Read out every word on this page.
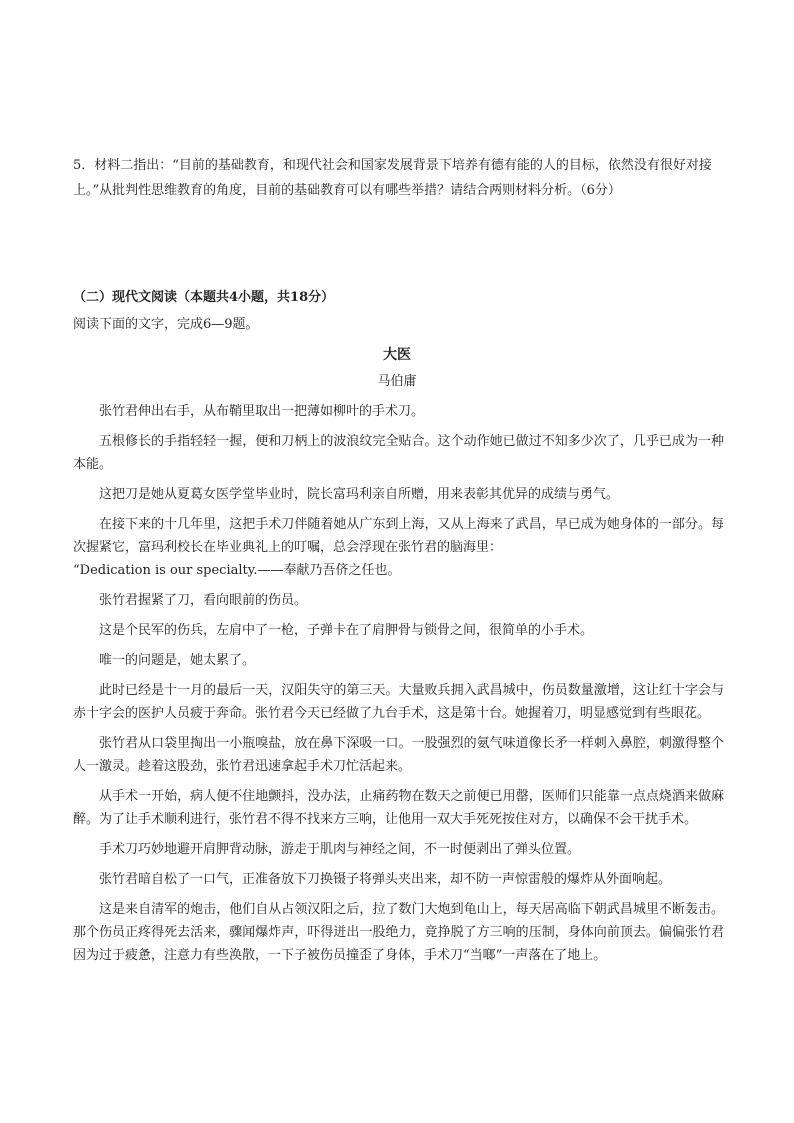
5．材料二指出：“目前的基础教育，和现代社会和国家发展背景下培养有德有能的人的目标，依然没有很好对接上。”从批判性思维教育的角度，目前的基础教育可以有哪些举措？请结合两则材料分析。（6分）

（二）现代文阅读（本题共4小题，共18分）

阅读下面的文字，完成6—9题。

大医

马伯庸

张竹君伸出右手，从布鞘里取出一把薄如柳叶的手术刀。

五根修长的手指轻轻一握，便和刀柄上的波浪纹完全贴合。这个动作她已做过不知多少次了，几乎已成为一种本能。

这把刀是她从夏葛女医学堂毕业时，院长富玛利亲自所赠，用来表彰其优异的成绩与勇气。

在接下来的十几年里，这把手术刀伴随着她从广东到上海，又从上海来了武昌，早已成为她身体的一部分。每次握紧它，富玛利校长在毕业典礼上的叮嘱，总会浮现在张竹君的脑海里：

“Dedication is our specialty.——奉献乃吾侪之任也。

张竹君握紧了刀，看向眼前的伤员。

这是个民军的伤兵，左肩中了一枪，子弹卡在了肩胛骨与锁骨之间，很简单的小手术。

唯一的问题是，她太累了。

此时已经是十一月的最后一天，汉阳失守的第三天。大量败兵拥入武昌城中，伤员数量激增，这让红十字会与赤十字会的医护人员疲于奔命。张竹君今天已经做了九台手术，这是第十台。她握着刀，明显感觉到有些眼花。

张竹君从口袋里掏出一小瓶嗅盐，放在鼻下深吸一口。一股强烈的氨气味道像长矛一样刺入鼻腔，刺激得整个人一激灵。趁着这股劲，张竹君迅速拿起手术刀忙活起来。

从手术一开始，病人便不住地颤抖，没办法，止痛药物在数天之前便已用罄，医师们只能靠一点点烧酒来做麻醉。为了让手术顺利进行，张竹君不得不找来方三响，让他用一双大手死死按住对方，以确保不会干扰手术。

手术刀巧妙地避开肩胛背动脉，游走于肌肉与神经之间，不一时便剥出了弹头位置。

张竹君暗自松了一口气，正准备放下刀换镊子将弹头夹出来，却不防一声惊雷般的爆炸从外面响起。

这是来自清军的炮击，他们自从占领汉阳之后，拉了数门大炮到龟山上，每天居高临下朝武昌城里不断轰击。那个伤员正疼得死去活来，骤闻爆炸声，吓得迸出一股绝力，竟挣脱了方三响的压制，身体向前顶去。偏偏张竹君因为过于疲惫，注意力有些涣散，一下子被伤员撞歪了身体，手术刀“当啷”一声落在了地上。
